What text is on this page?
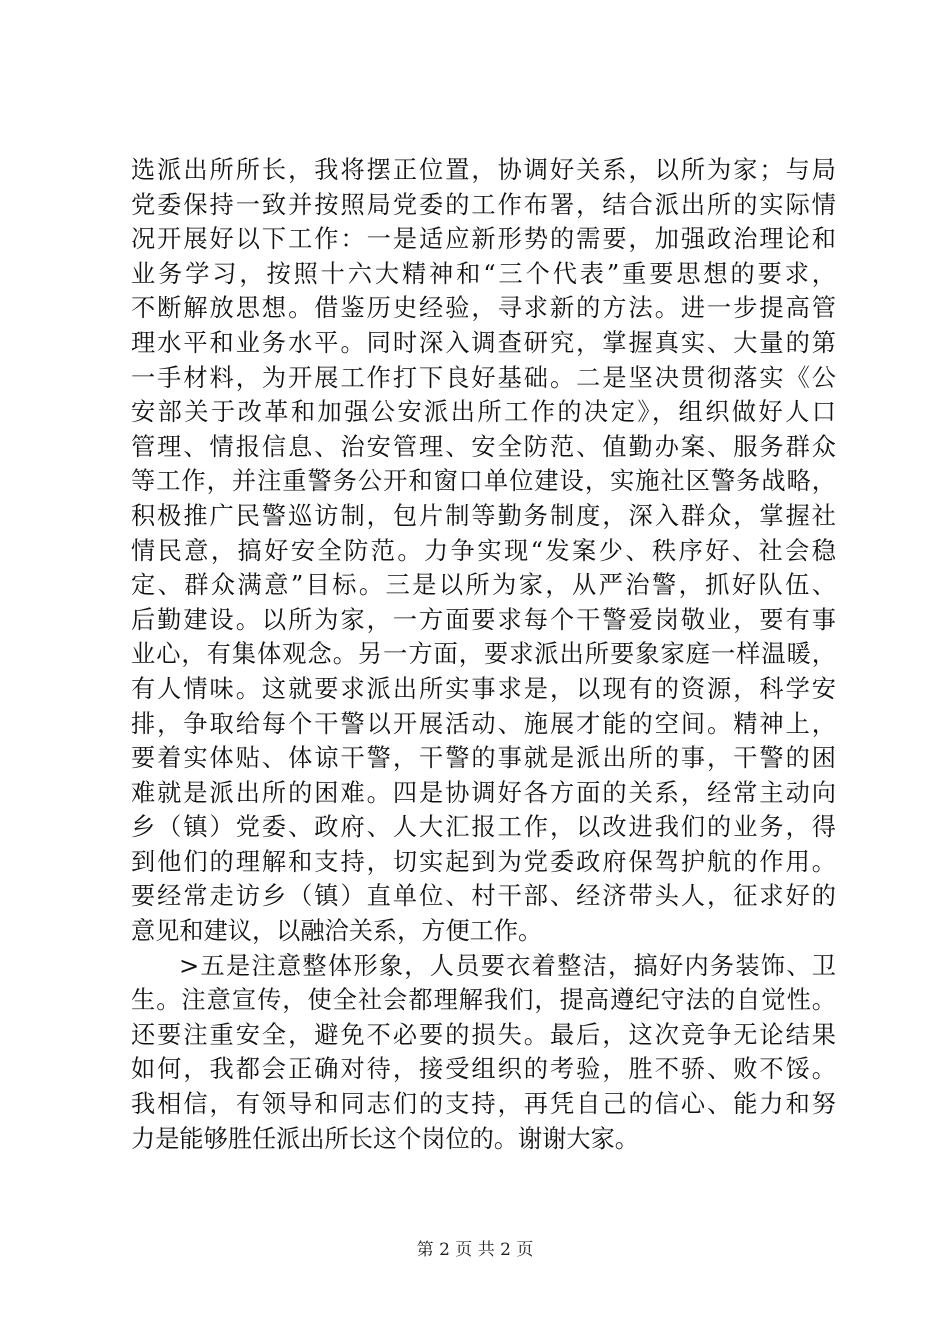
选派出所所长，我将摆正位置，协调好关系，以所为家；与局
党委保持一致并按照局党委的工作布署，结合派出所的实际情
况开展好以下工作：一是适应新形势的需要，加强政治理论和
业务学习，按照十六大精神和“三个代表”重要思想的要求，
不断解放思想。借鉴历史经验，寻求新的方法。进一步提高管
理水平和业务水平。同时深入调查研究，掌握真实、大量的第
一手材料，为开展工作打下良好基础。二是坚决贯彻落实《公
安部关于改革和加强公安派出所工作的决定》，组织做好人口
管理、情报信息、治安管理、安全防范、值勤办案、服务群众
等工作，并注重警务公开和窗口单位建设，实施社区警务战略，
积极推广民警巡访制，包片制等勤务制度，深入群众，掌握社
情民意，搞好安全防范。力争实现“发案少、秩序好、社会稳
定、群众满意”目标。三是以所为家，从严治警，抓好队伍、
后勤建设。以所为家，一方面要求每个干警爱岗敬业，要有事
业心，有集体观念。另一方面，要求派出所要象家庭一样温暖，
有人情味。这就要求派出所实事求是，以现有的资源，科学安
排，争取给每个干警以开展活动、施展才能的空间。精神上，
要着实体贴、体谅干警，干警的事就是派出所的事，干警的困
难就是派出所的困难。四是协调好各方面的关系，经常主动向
乡（镇）党委、政府、人大汇报工作，以改进我们的业务，得
到他们的理解和支持，切实起到为党委政府保驾护航的作用。
要经常走访乡（镇）直单位、村干部、经济带头人，征求好的
意见和建议，以融洽关系，方便工作。
>五是注意整体形象，人员要衣着整洁，搞好内务装饰、卫
生。注意宣传，使全社会都理解我们，提高遵纪守法的自觉性。
还要注重安全，避免不必要的损失。最后，这次竞争无论结果
如何，我都会正确对待，接受组织的考验，胜不骄、败不馁。
我相信，有领导和同志们的支持，再凭自己的信心、能力和努
力是能够胜任派出所长这个岗位的。谢谢大家。
第 2 页 共 2 页
